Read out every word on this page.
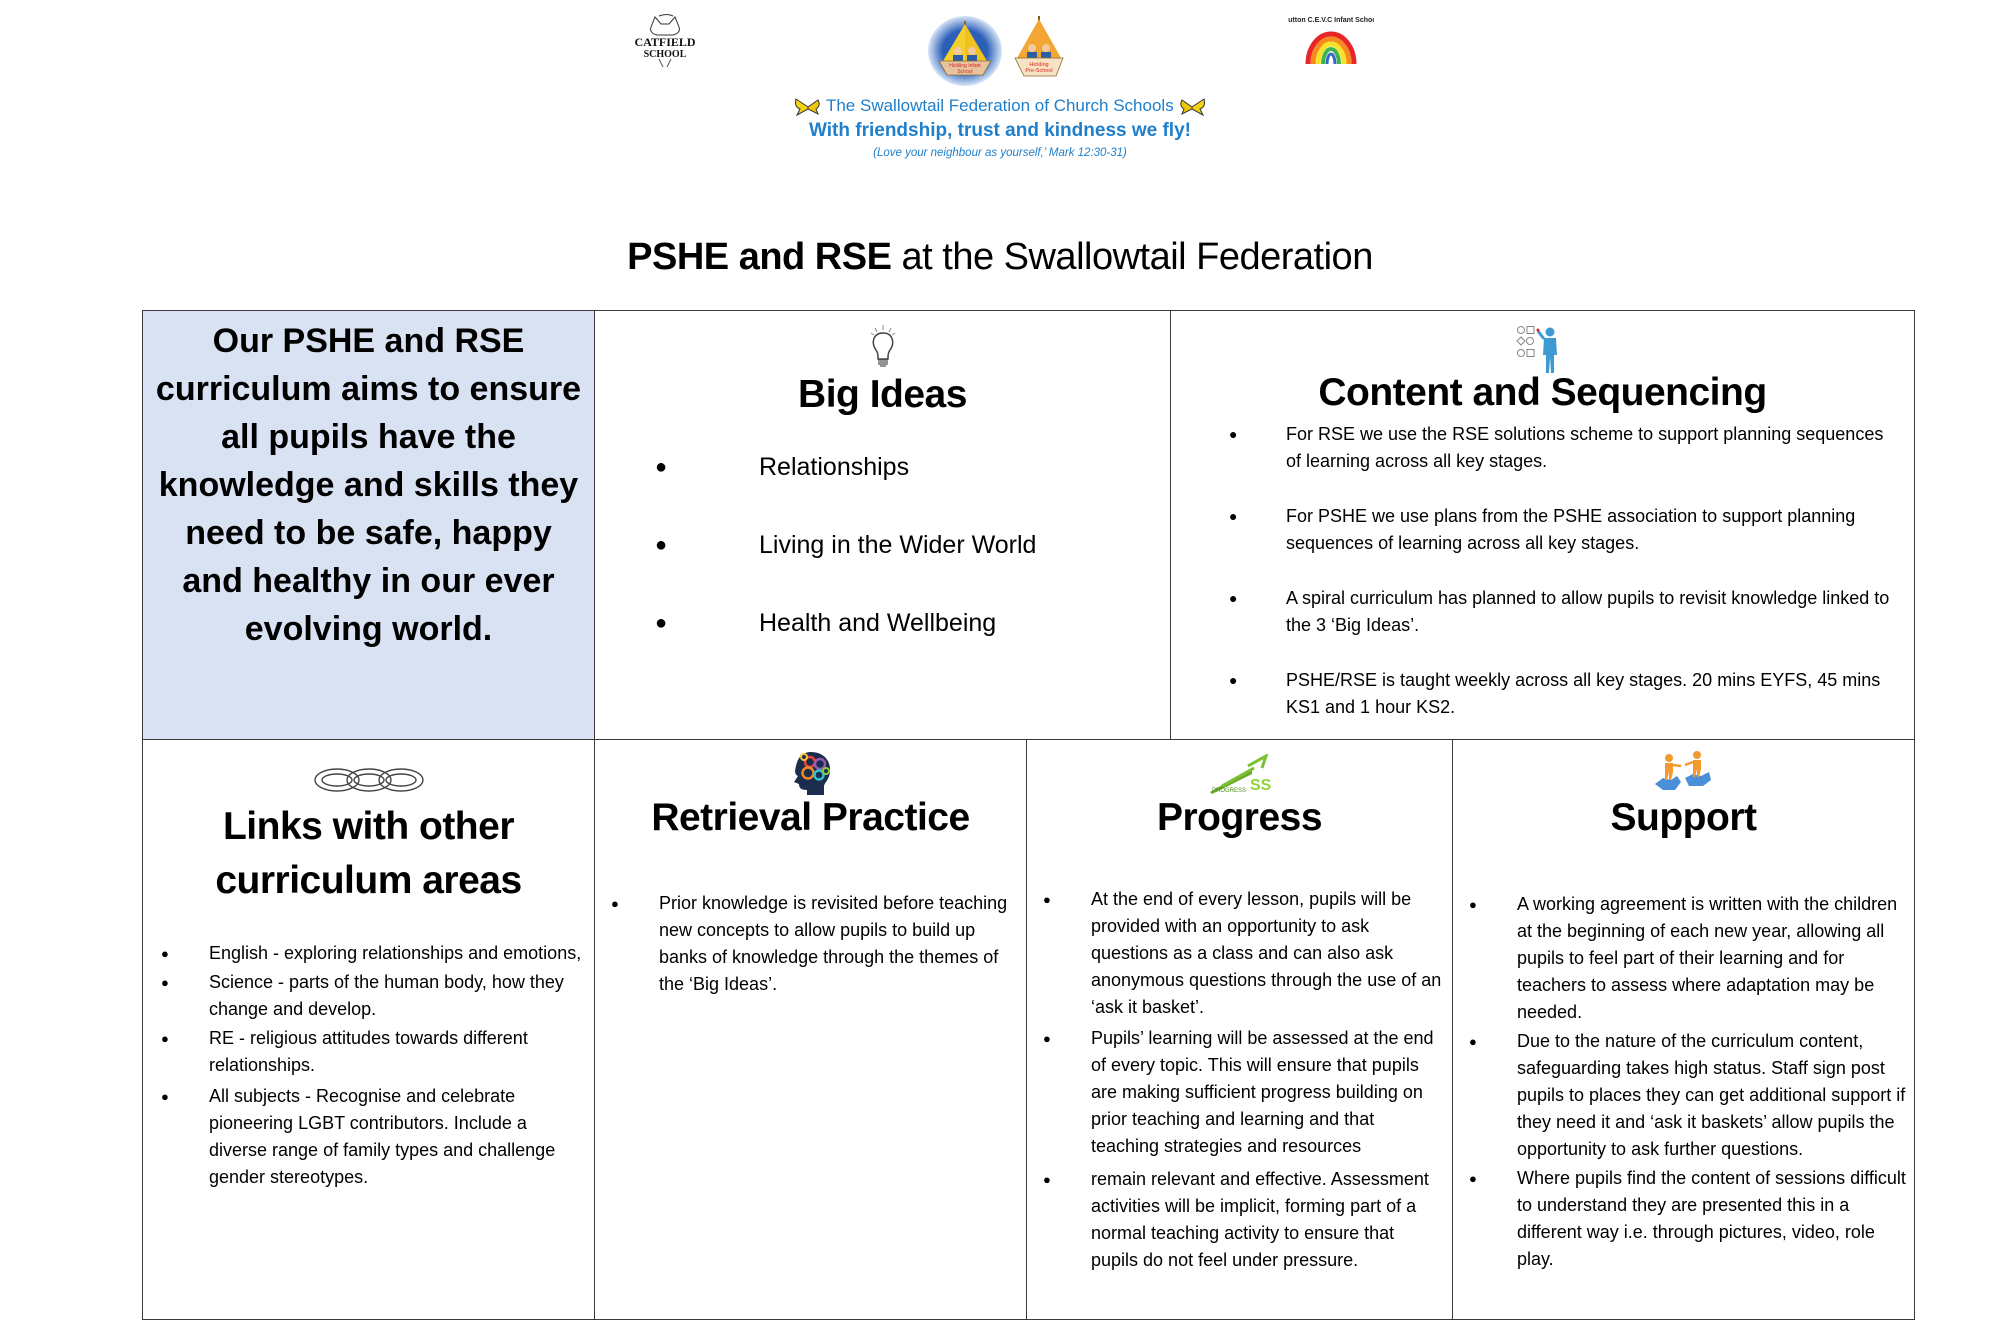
CATFIELD
SCHOOL
Hickling Infant
School
Hickling
Pre-School
Sutton C.E.V.C Infant School
The Swallowtail Federation of Church Schools
With friendship, trust and kindness we fly!
(Love your neighbour as yourself,’ Mark 12:30-31)
PSHE and RSE at the Swallowtail Federation
Our PSHE and RSE curriculum aims to ensure all pupils have the knowledge and skills they need to be safe, happy and healthy in our ever evolving world.
Big Ideas
● Relationships
● Living in the Wider World
● Health and Wellbeing
Content and Sequencing
● For RSE we use the RSE solutions scheme to support planning sequences of learning across all key stages.
● For PSHE we use plans from the PSHE association to support planning sequences of learning across all key stages.
● A spiral curriculum has planned to allow pupils to revisit knowledge linked to the 3 ‘Big Ideas’.
● PSHE/RSE is taught weekly across all key stages. 20 mins EYFS, 45 mins KS1 and 1 hour KS2.
Links with other
curriculum areas
● English - exploring relationships and emotions,
● Science - parts of the human body, how they change and develop.
● RE - religious attitudes towards different relationships.
● All subjects - Recognise and celebrate pioneering LGBT contributors. Include a diverse range of family types and challenge gender stereotypes.
Retrieval Practice
● Prior knowledge is revisited before teaching new concepts to allow pupils to build up banks of knowledge through the themes of the ‘Big Ideas’.
SS
PROGRESS
Progress
● At the end of every lesson, pupils will be provided with an opportunity to ask questions as a class and can also ask anonymous questions through the use of an ‘ask it basket’.
● Pupils’ learning will be assessed at the end of every topic. This will ensure that pupils are making sufficient progress building on prior teaching and learning and that teaching strategies and resources
● remain relevant and effective. Assessment activities will be implicit, forming part of a normal teaching activity to ensure that pupils do not feel under pressure.
Support
● A working agreement is written with the children at the beginning of each new year, allowing all pupils to feel part of their learning and for teachers to assess where adaptation may be needed.
● Due to the nature of the curriculum content, safeguarding takes high status. Staff sign post pupils to places they can get additional support if they need it and ‘ask it baskets’ allow pupils the opportunity to ask further questions.
● Where pupils find the content of sessions difficult to understand they are presented this in a different way i.e. through pictures, video, role play.
